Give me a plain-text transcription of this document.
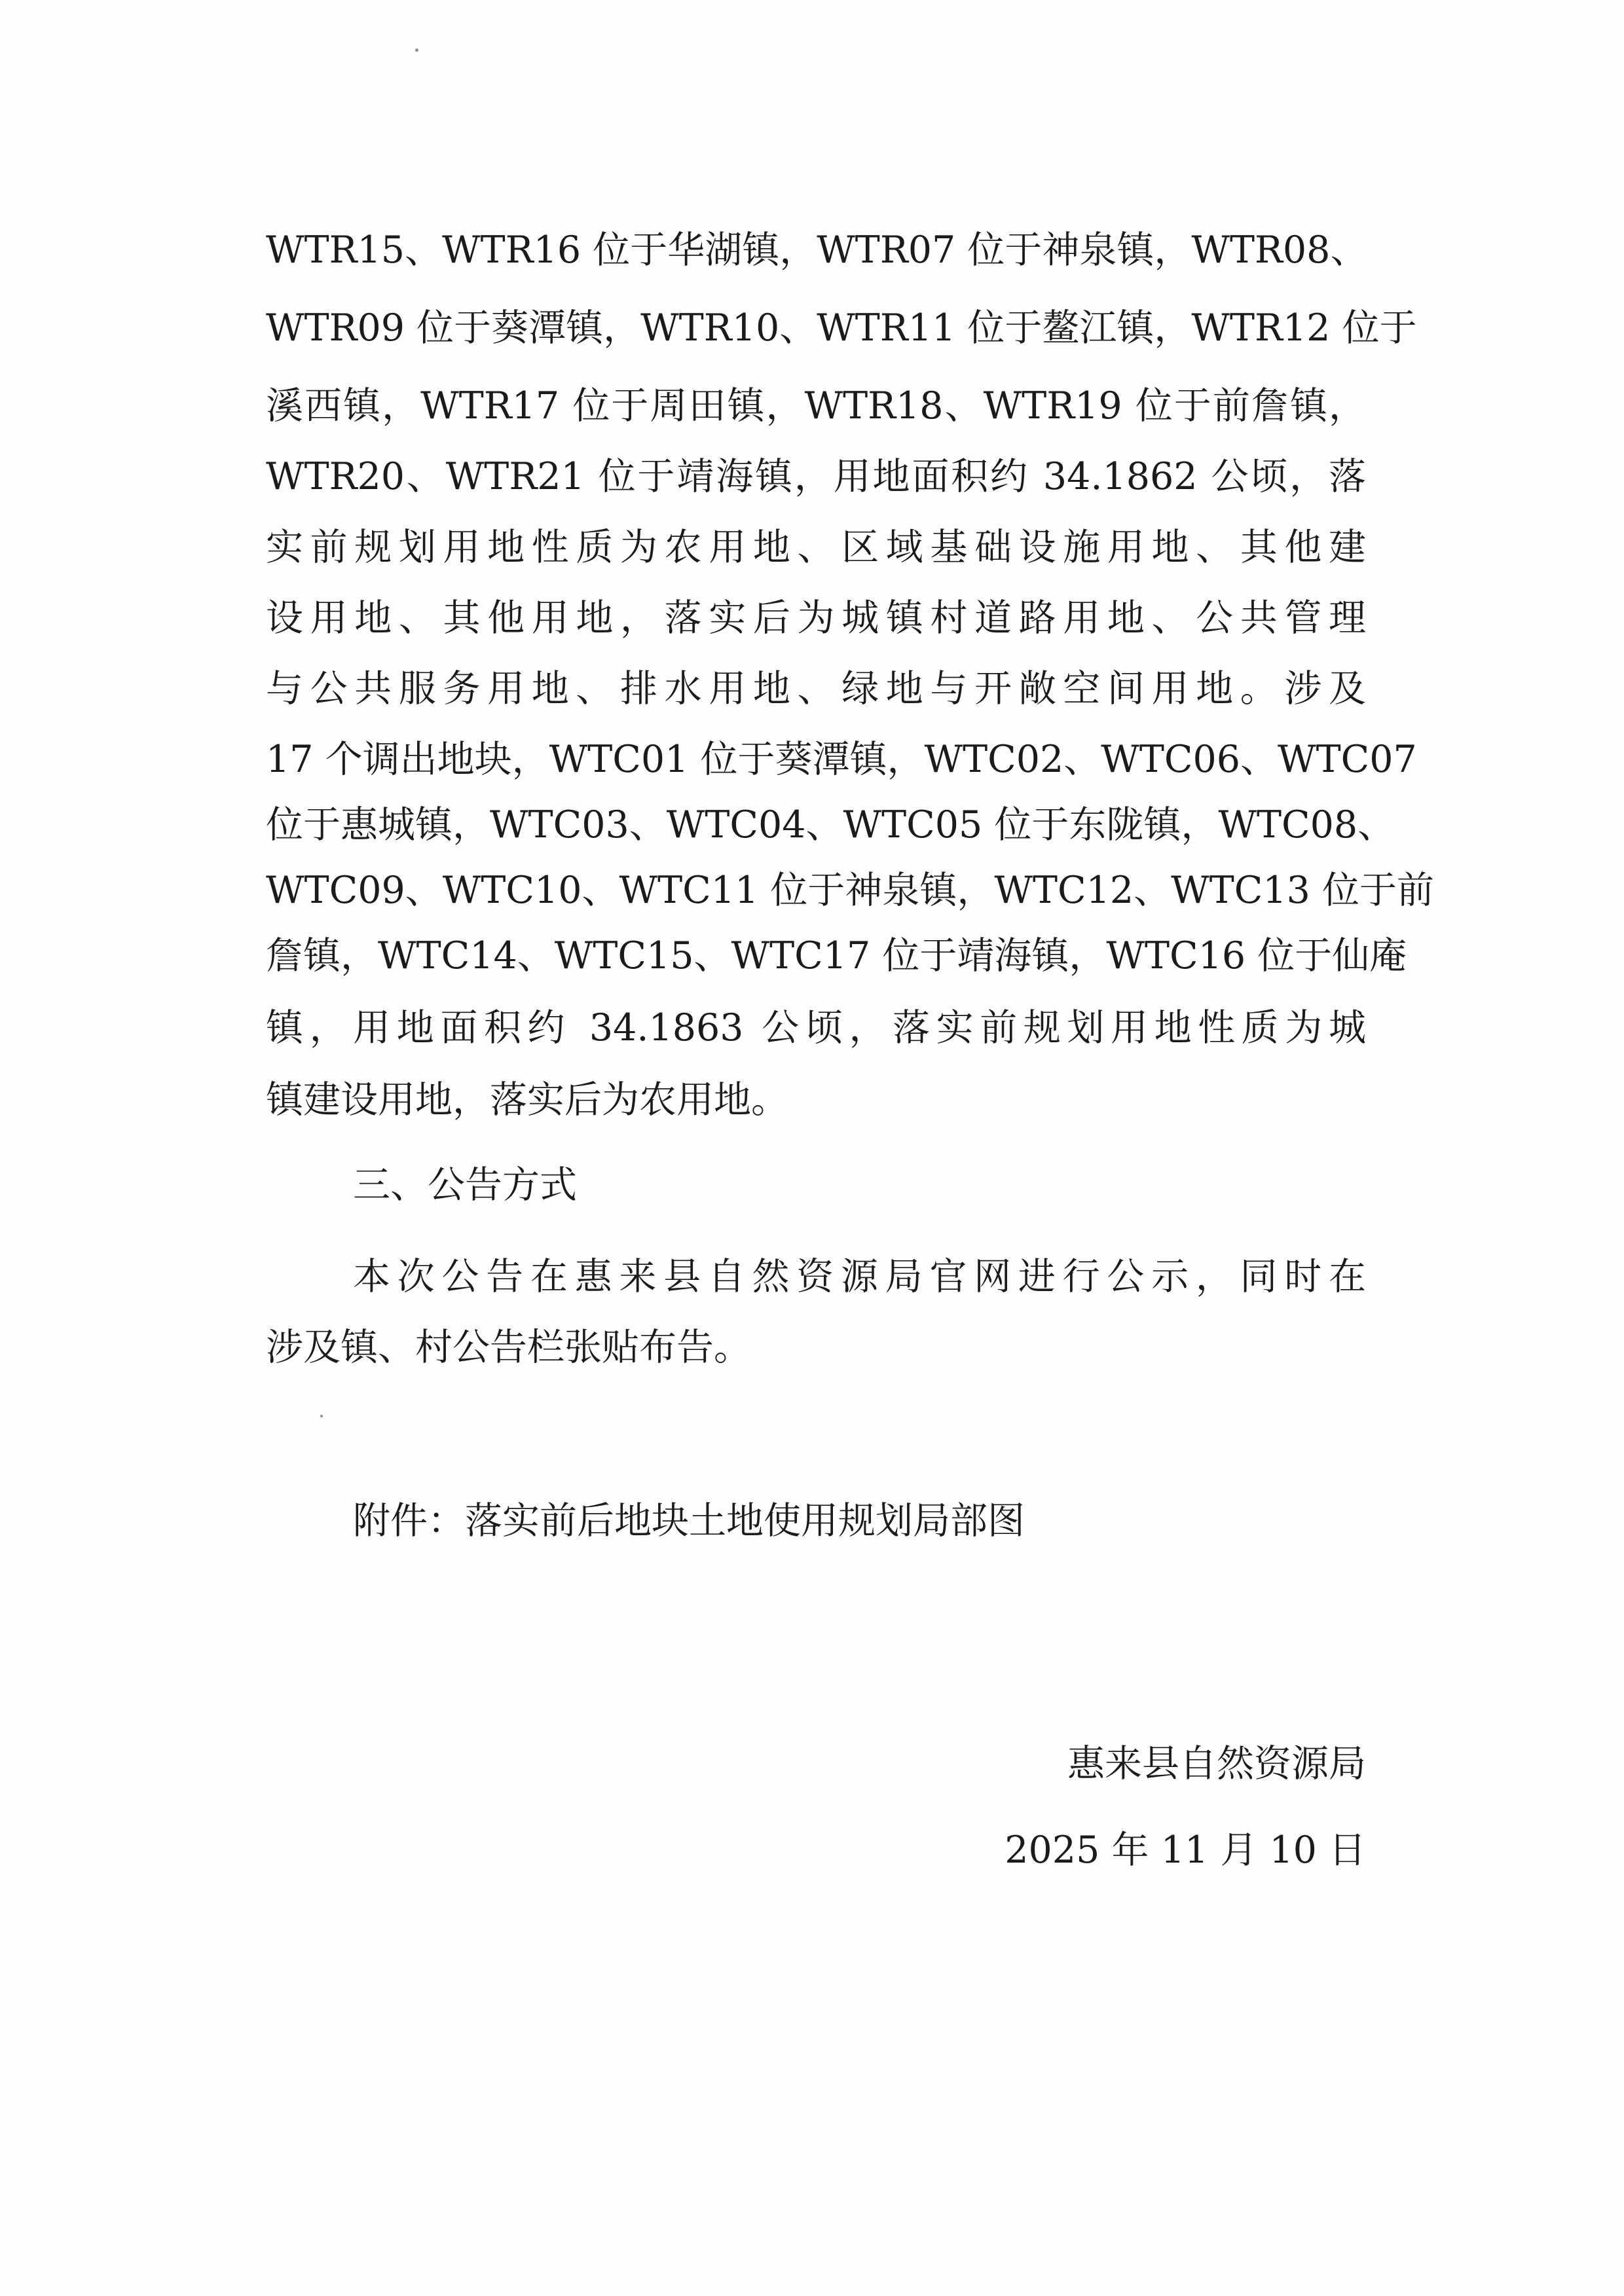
WTR15、WTR16 位于华湖镇，WTR07 位于神泉镇，WTR08、
WTR09 位于葵潭镇，WTR10、WTR11 位于鳌江镇，WTR12 位于
溪西镇，WTR17 位于周田镇，WTR18、WTR19 位于前詹镇，
WTR20、WTR21 位于靖海镇，用地面积约 34.1862 公顷，落
实前规划用地性质为农用地、区域基础设施用地、其他建
设用地、其他用地，落实后为城镇村道路用地、公共管理
与公共服务用地、排水用地、绿地与开敞空间用地。涉及
17 个调出地块，WTC01 位于葵潭镇，WTC02、WTC06、WTC07
位于惠城镇，WTC03、WTC04、WTC05 位于东陇镇，WTC08、
WTC09、WTC10、WTC11 位于神泉镇，WTC12、WTC13 位于前
詹镇，WTC14、WTC15、WTC17 位于靖海镇，WTC16 位于仙庵
镇，用地面积约 34.1863 公顷，落实前规划用地性质为城
镇建设用地，落实后为农用地。
三、公告方式
本次公告在惠来县自然资源局官网进行公示，同时在
涉及镇、村公告栏张贴布告。
附件：落实前后地块土地使用规划局部图
惠来县自然资源局
2025 年 11 月 10 日
